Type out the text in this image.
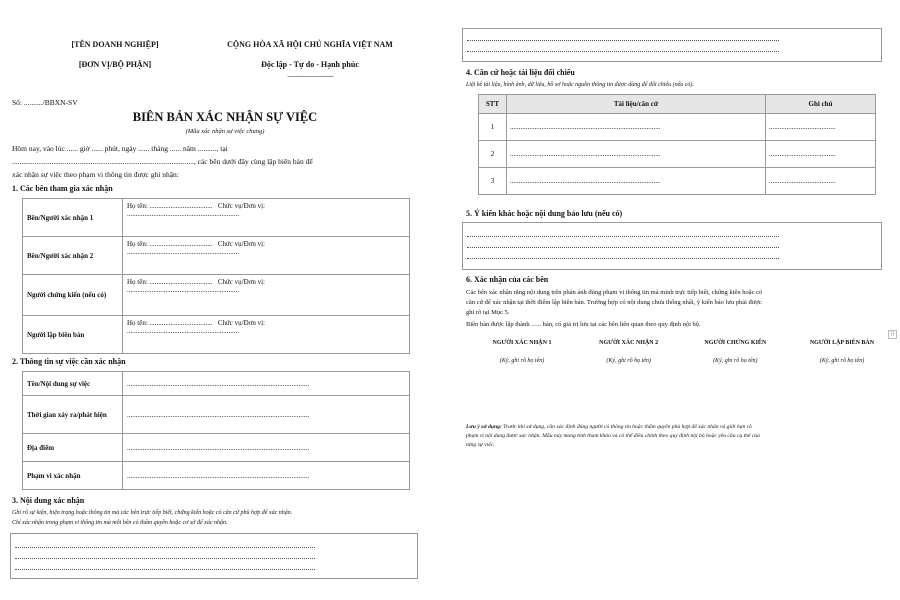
[TÊN DOANH NGHIỆP]
[ĐƠN VỊ/BỘ PHẬN]
CỘNG HÒA XÃ HỘI CHỦ NGHĨA VIỆT NAM
Độc lập - Tự do - Hạnh phúc
_______________
Số: ........../BBXN-SV
BIÊN BẢN XÁC NHẬN SỰ VIỆC
(Mẫu xác nhận sự việc chung)
Hôm nay, vào lúc ...... giờ ...... phút, ngày ...... tháng ...... năm .........., tại
................................................................................................., các bên dưới đây cùng lập biên bản để
xác nhận sự việc theo phạm vi thông tin được ghi nhận:
1. Các bên tham gia xác nhận
Bên/Người xác nhận 1	Họ tên: .................................... Chức vụ/Đơn vị:
................................................................

Bên/Người xác nhận 2	Họ tên: .................................... Chức vụ/Đơn vị:
................................................................

Người chứng kiến (nếu có)	Họ tên: .................................... Chức vụ/Đơn vị:
................................................................

Người lập biên bản	Họ tên: .................................... Chức vụ/Đơn vị:
................................................................
2. Thông tin sự việc cần xác nhận
Tên/Nội dung sự việc	........................................................................................................
Thời gian xảy ra/phát hiện	........................................................................................................
Địa điểm	........................................................................................................
Phạm vi xác nhận	........................................................................................................
3. Nội dung xác nhận
Ghi rõ sự kiện, hiện trạng hoặc thông tin mà các bên trực tiếp biết, chứng kiến hoặc có căn cứ phù hợp để xác nhận.
Chỉ xác nhận trong phạm vi thông tin mà mỗi bên có thẩm quyền hoặc cơ sở để xác nhận.
4. Căn cứ hoặc tài liệu đối chiếu
Liệt kê tài liệu, hình ảnh, dữ liệu, hồ sơ hoặc nguồn thông tin được dùng để đối chiếu (nếu có).
STT	Tài liệu/căn cứ	Ghi chú
1	......................................................................................	......................................
2	......................................................................................	......................................
3	......................................................................................	......................................
5. Ý kiến khác hoặc nội dung bảo lưu (nếu có)
6. Xác nhận của các bên
Các bên xác nhận rằng nội dung trên phản ánh đúng phạm vi thông tin mà mình trực tiếp biết, chứng kiến hoặc có
căn cứ để xác nhận tại thời điểm lập biên bản. Trường hợp có nội dung chưa thống nhất, ý kiến bảo lưu phải được
ghi rõ tại Mục 5.
Biên bản được lập thành ...... bản, có giá trị lưu tại các bên liên quan theo quy định nội bộ.
NGƯỜI XÁC NHẬN 1
(Ký, ghi rõ họ tên)
NGƯỜI XÁC NHẬN 2
(Ký, ghi rõ họ tên)
NGƯỜI CHỨNG KIẾN
(Ký, ghi rõ họ tên)
NGƯỜI LẬP BIÊN BẢN
(Ký, ghi rõ họ tên)
Lưu ý sử dụng: Trước khi sử dụng, cần xác định đúng người có thông tin hoặc thẩm quyền phù hợp để xác nhận và giới hạn rõ
phạm vi nội dung được xác nhận. Mẫu này mang tính tham khảo và có thể điều chỉnh theo quy định nội bộ hoặc yêu cầu cụ thể của
từng sự việc.
⠿
